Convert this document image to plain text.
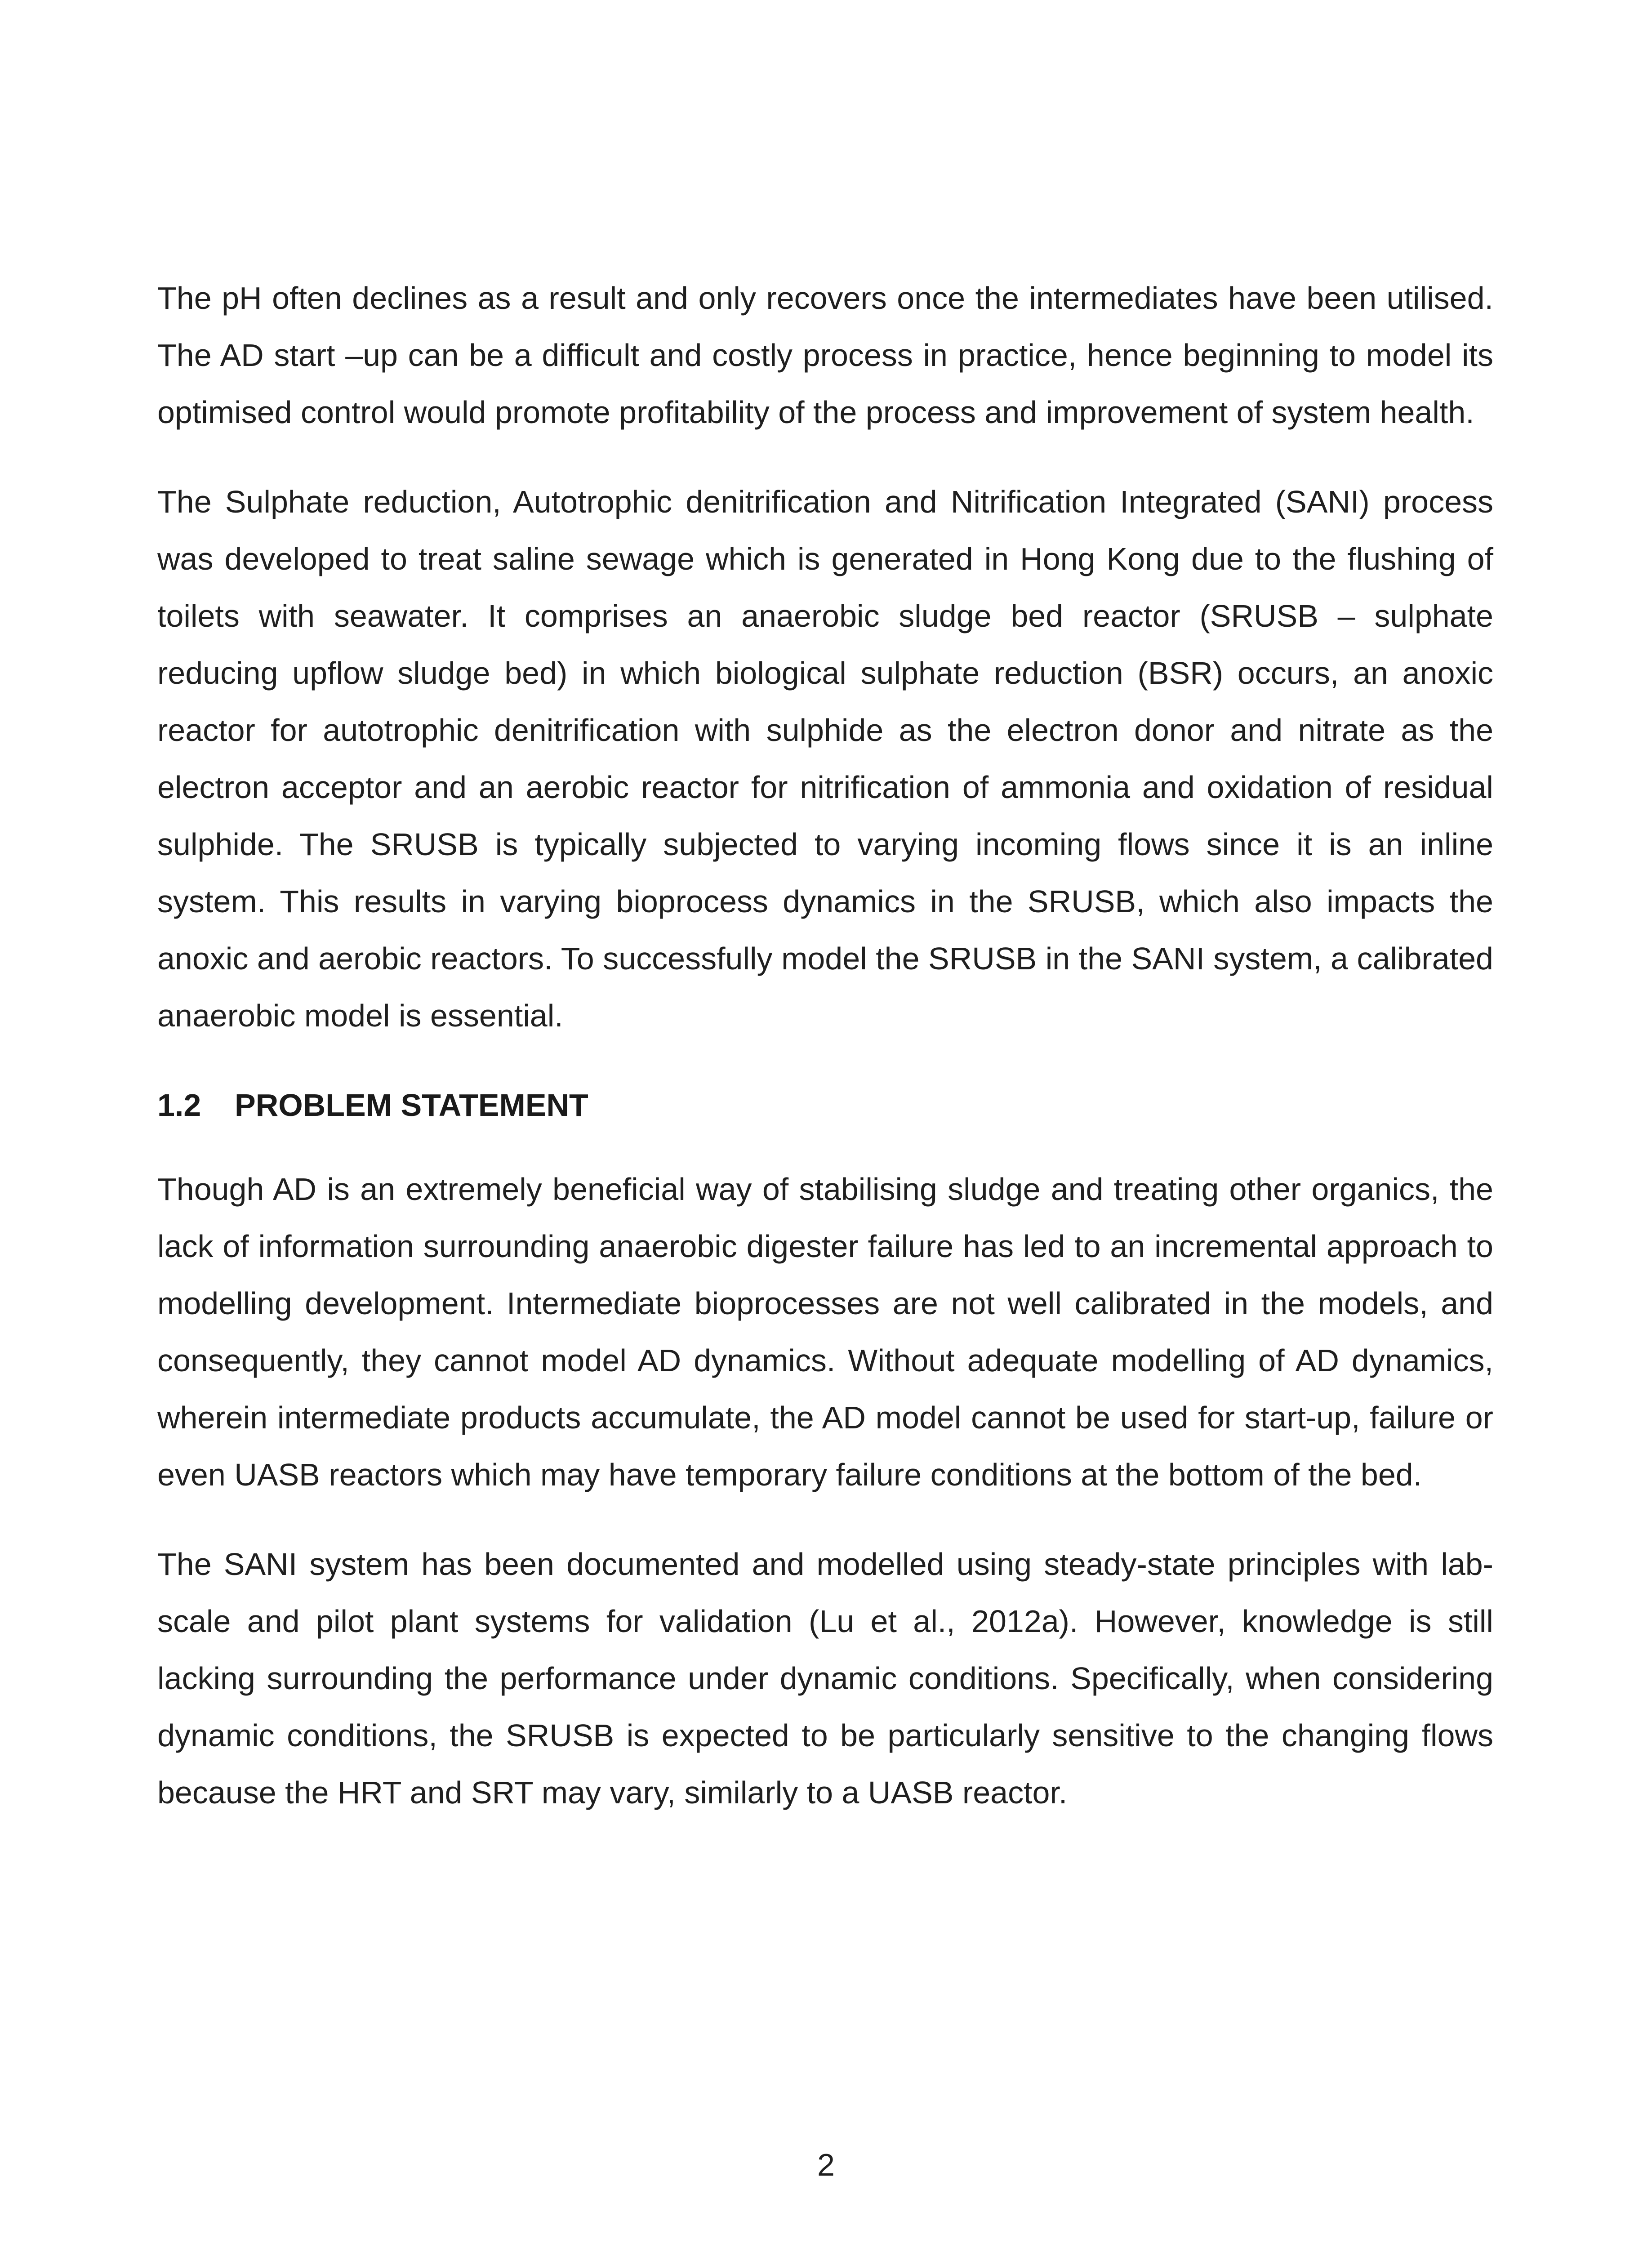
The pH often declines as a result and only recovers once the intermediates have been utilised. The AD start –up can be a difficult and costly process in practice, hence beginning to model its optimised control would promote profitability of the process and improvement of system health.

The Sulphate reduction, Autotrophic denitrification and Nitrification Integrated (SANI) process was developed to treat saline sewage which is generated in Hong Kong due to the flushing of toilets with seawater. It comprises an anaerobic sludge bed reactor (SRUSB – sulphate reducing upflow sludge bed) in which biological sulphate reduction (BSR) occurs, an anoxic reactor for autotrophic denitrification with sulphide as the electron donor and nitrate as the electron acceptor and an aerobic reactor for nitrification of ammonia and oxidation of residual sulphide. The SRUSB is typically subjected to varying incoming flows since it is an inline system. This results in varying bioprocess dynamics in the SRUSB, which also impacts the anoxic and aerobic reactors. To successfully model the SRUSB in the SANI system, a calibrated anaerobic model is essential.

1.2 PROBLEM STATEMENT

Though AD is an extremely beneficial way of stabilising sludge and treating other organics, the lack of information surrounding anaerobic digester failure has led to an incremental approach to modelling development. Intermediate bioprocesses are not well calibrated in the models, and consequently, they cannot model AD dynamics. Without adequate modelling of AD dynamics, wherein intermediate products accumulate, the AD model cannot be used for start-up, failure or even UASB reactors which may have temporary failure conditions at the bottom of the bed.

The SANI system has been documented and modelled using steady-state principles with lab-scale and pilot plant systems for validation (Lu et al., 2012a). However, knowledge is still lacking surrounding the performance under dynamic conditions. Specifically, when considering dynamic conditions, the SRUSB is expected to be particularly sensitive to the changing flows because the HRT and SRT may vary, similarly to a UASB reactor.

2
